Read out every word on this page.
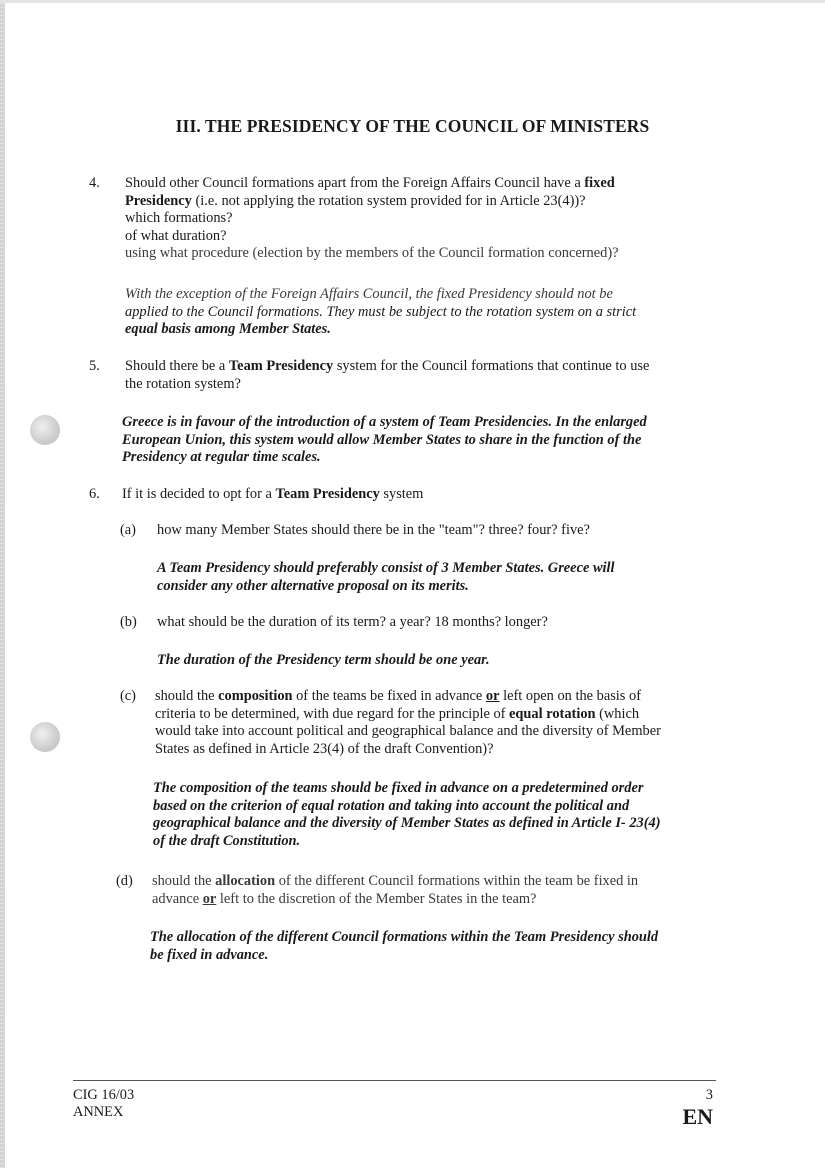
III. THE PRESIDENCY OF THE COUNCIL OF MINISTERS
4. Should other Council formations apart from the Foreign Affairs Council have a fixed
Presidency (i.e. not applying the rotation system provided for in Article 23(4))?
which formations?
of what duration?
using what procedure (election by the members of the Council formation concerned)?
With the exception of the Foreign Affairs Council, the fixed Presidency should not be
applied to the Council formations. They must be subject to the rotation system on a strict
equal basis among Member States.
5. Should there be a Team Presidency system for the Council formations that continue to use
the rotation system?
Greece is in favour of the introduction of a system of Team Presidencies. In the enlarged
European Union, this system would allow Member States to share in the function of the
Presidency at regular time scales.
6. If it is decided to opt for a Team Presidency system
(a) how many Member States should there be in the "team"? three? four? five?
A Team Presidency should preferably consist of 3 Member States. Greece will
consider any other alternative proposal on its merits.
(b) what should be the duration of its term? a year? 18 months? longer?
The duration of the Presidency term should be one year.
(c) should the composition of the teams be fixed in advance or left open on the basis of
criteria to be determined, with due regard for the principle of equal rotation (which
would take into account political and geographical balance and the diversity of Member
States as defined in Article 23(4) of the draft Convention)?
The composition of the teams should be fixed in advance on a predetermined order
based on the criterion of equal rotation and taking into account the political and
geographical balance and the diversity of Member States as defined in Article I- 23(4)
of the draft Constitution.
(d) should the allocation of the different Council formations within the team be fixed in
advance or left to the discretion of the Member States in the team?
The allocation of the different Council formations within the Team Presidency should
be fixed in advance.
CIG 16/03
ANNEX
3
EN
